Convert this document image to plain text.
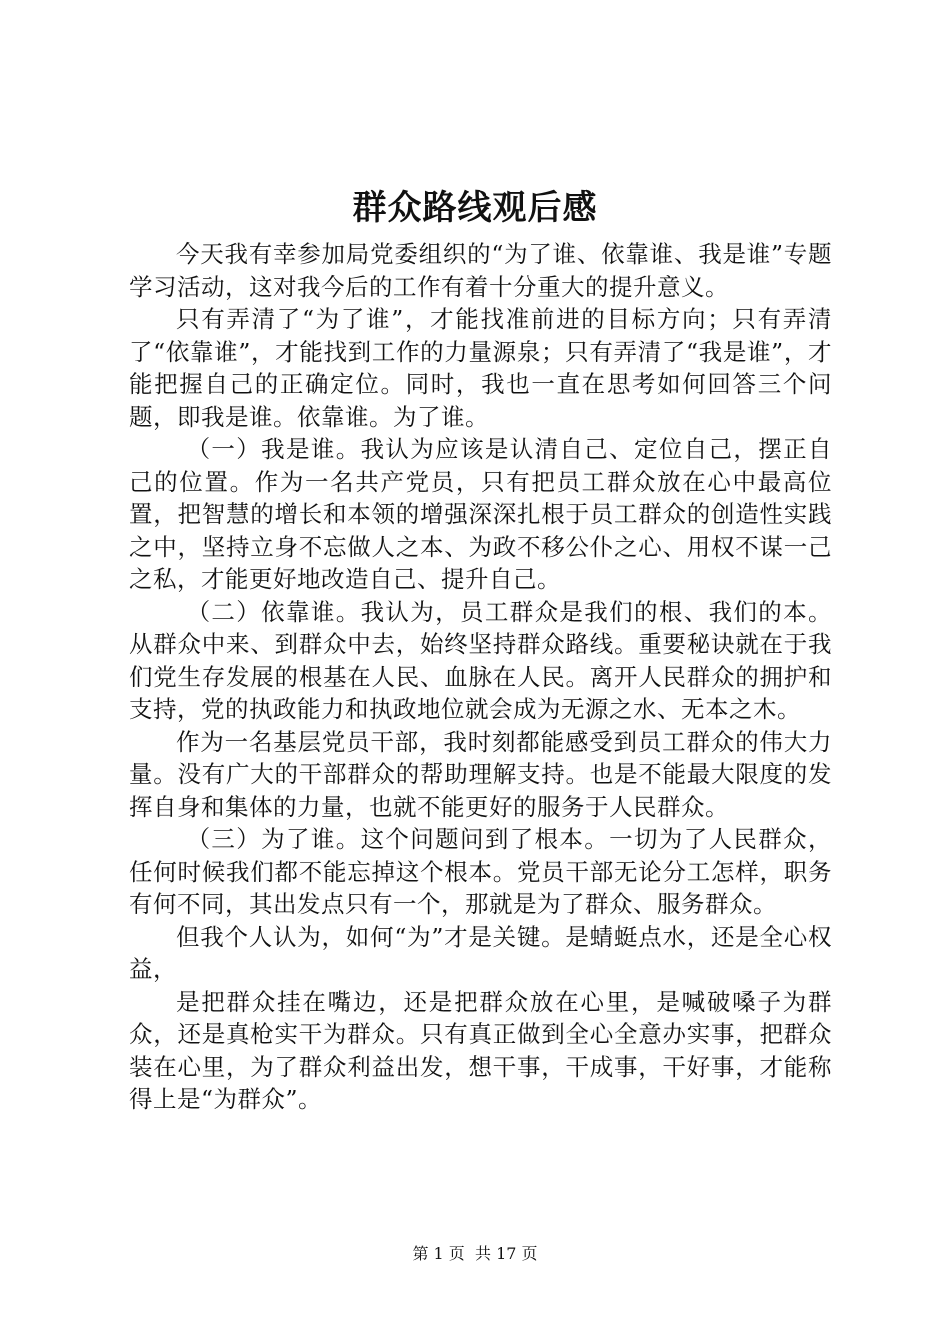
群众路线观后感

今天我有幸参加局党委组织的“为了谁、依靠谁、我是谁”专题学习活动，这对我今后的工作有着十分重大的提升意义。

只有弄清了“为了谁”，才能找准前进的目标方向；只有弄清了“依靠谁”，才能找到工作的力量源泉；只有弄清了“我是谁”，才能把握自己的正确定位。同时，我也一直在思考如何回答三个问题，即我是谁。依靠谁。为了谁。

（一）我是谁。我认为应该是认清自己、定位自己，摆正自己的位置。作为一名共产党员，只有把员工群众放在心中最高位置，把智慧的增长和本领的增强深深扎根于员工群众的创造性实践之中，坚持立身不忘做人之本、为政不移公仆之心、用权不谋一己之私，才能更好地改造自己、提升自己。

（二）依靠谁。我认为，员工群众是我们的根、我们的本。从群众中来、到群众中去，始终坚持群众路线。重要秘诀就在于我们党生存发展的根基在人民、血脉在人民。离开人民群众的拥护和支持，党的执政能力和执政地位就会成为无源之水、无本之木。

作为一名基层党员干部，我时刻都能感受到员工群众的伟大力量。没有广大的干部群众的帮助理解支持。也是不能最大限度的发挥自身和集体的力量，也就不能更好的服务于人民群众。

（三）为了谁。这个问题问到了根本。一切为了人民群众，任何时候我们都不能忘掉这个根本。党员干部无论分工怎样，职务有何不同，其出发点只有一个，那就是为了群众、服务群众。

但我个人认为，如何“为”才是关键。是蜻蜓点水，还是全心权益，

是把群众挂在嘴边，还是把群众放在心里，是喊破嗓子为群众，还是真枪实干为群众。只有真正做到全心全意办实事，把群众装在心里，为了群众利益出发，想干事，干成事，干好事，才能称得上是“为群众”。

第 1 页 共 17 页
